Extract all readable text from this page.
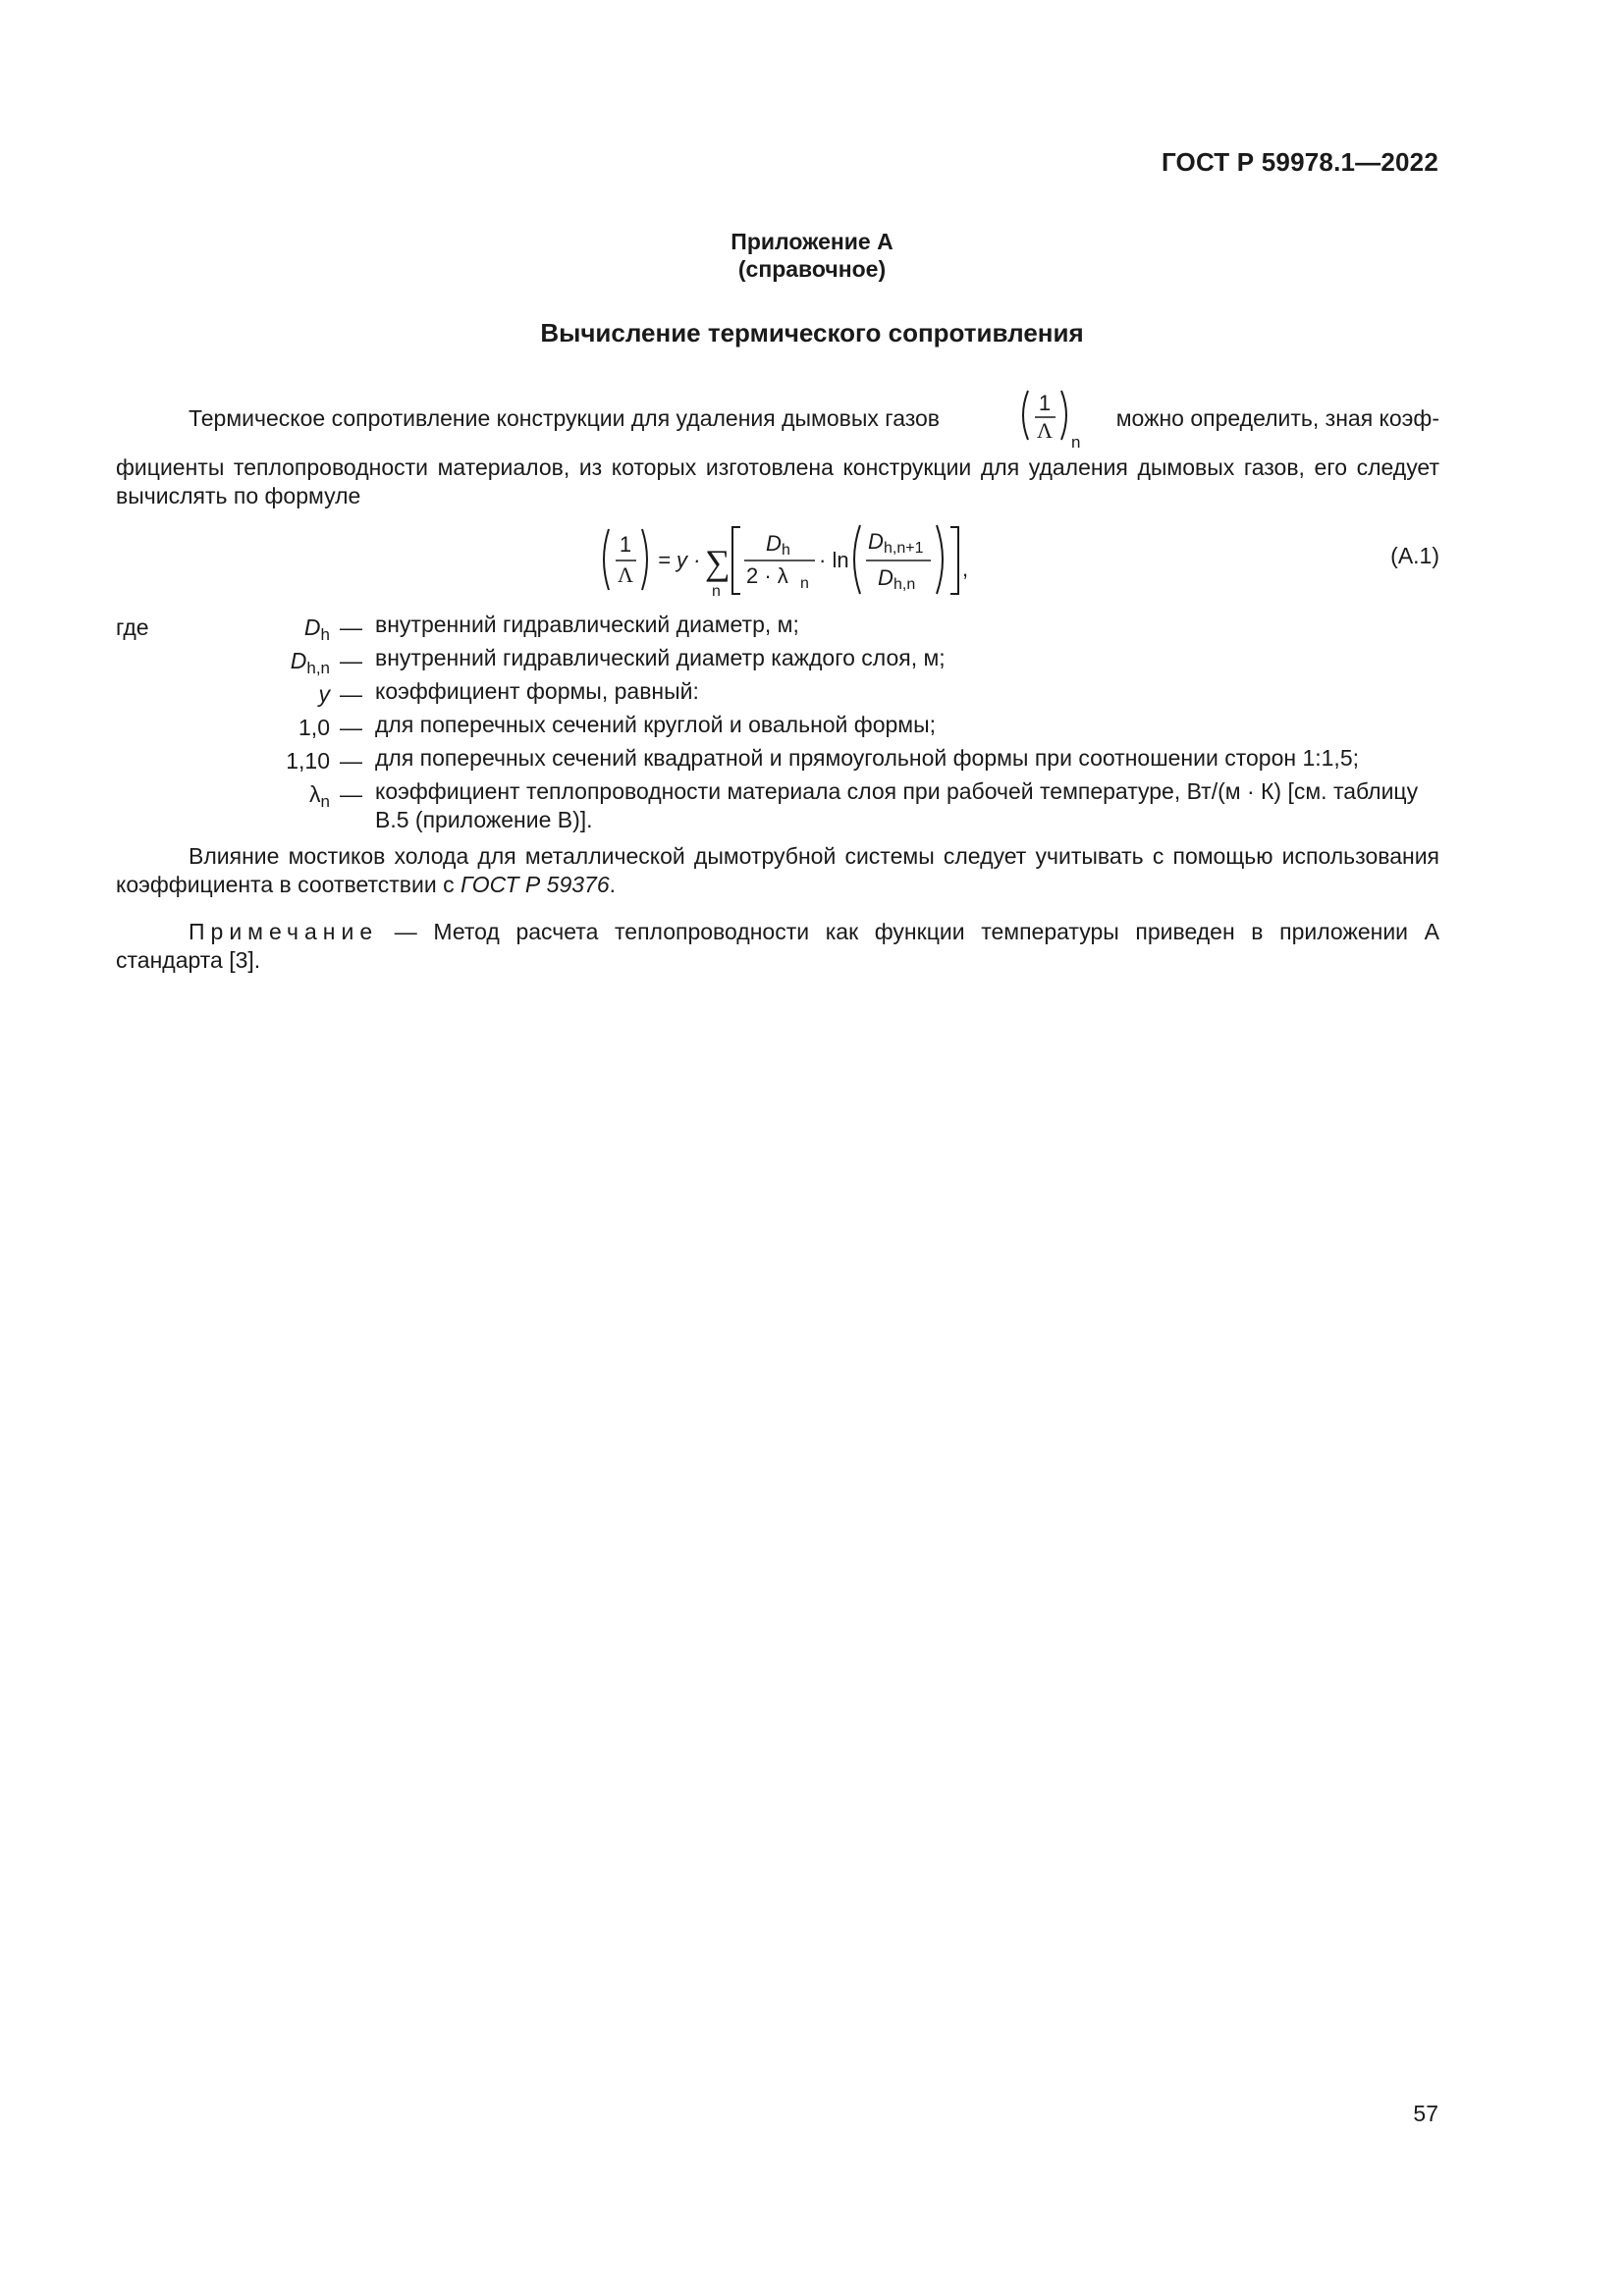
ГОСТ Р 59978.1—2022
Приложение А
(справочное)
Вычисление термического сопротивления
Термическое сопротивление конструкции для удаления дымовых газов
1
Λ n
можно определить, зная коэф-
фициенты теплопроводности материалов, из которых изготовлена конструкции для удаления дымовых газов, его следует вычислять по формуле
1
Λ
= y · ∑
n
D h
2 · λ n
· ln
D h,n+1
D h,n
,
(А.1)
где	$D_h$ — внутренний гидравлический диаметр, м;
$D_{h,n}$ — внутренний гидравлический диаметр каждого слоя, м;
y — коэффициент формы, равный:
1,0 — для поперечных сечений круглой и овальной формы;
1,10 — для поперечных сечений квадратной и прямоугольной формы при соотношении сторон 1:1,5;
$\lambda_n$ — коэффициент теплопроводности материала слоя при рабочей температуре, Вт/(м · К) [см. таблицу В.5 (приложение В)].
Влияние мостиков холода для металлической дымотрубной системы следует учитывать с помощью использования коэффициента в соответствии с ГОСТ Р 59376.
Примечание — Метод расчета теплопроводности как функции температуры приведен в приложении А стандарта [3].
57
